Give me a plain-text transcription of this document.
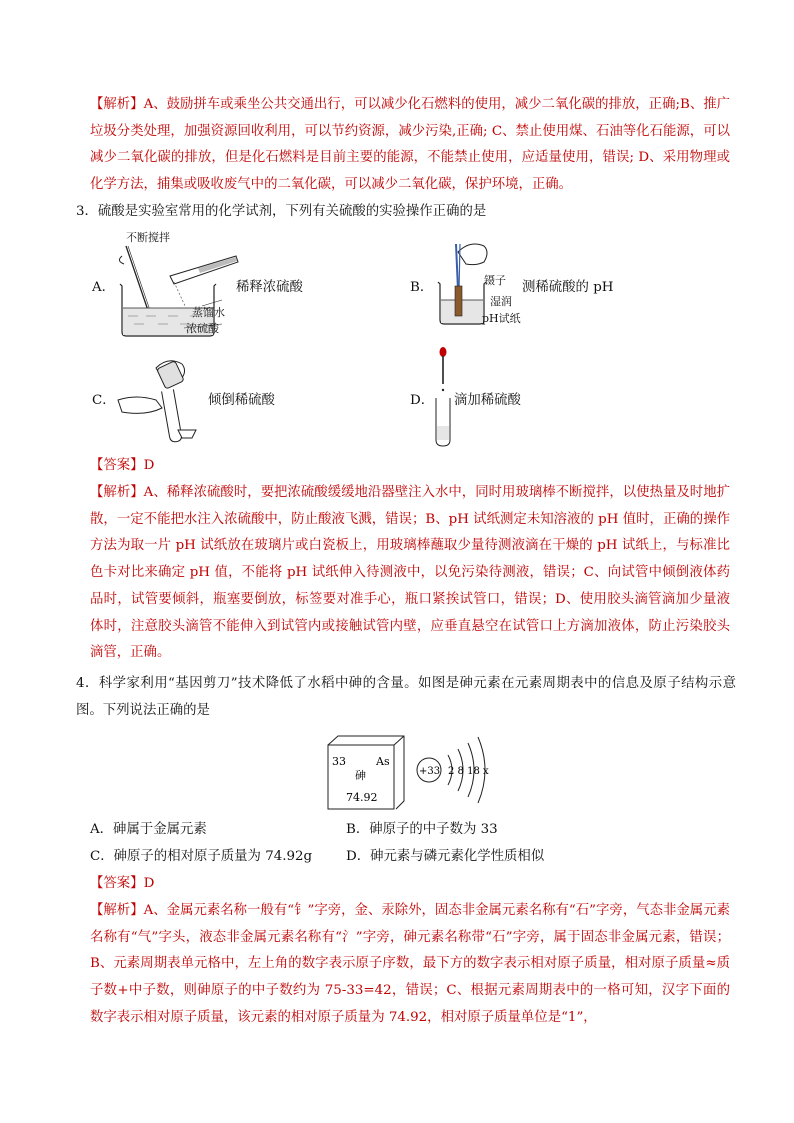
【解析】A、鼓励拼车或乘坐公共交通出行，可以减少化石燃料的使用，减少二氧化碳的排放，正确;B、推广垃圾分类处理，加强资源回收利用，可以节约资源，减少污染,正确; C、禁止使用煤、石油等化石能源，可以减少二氧化碳的排放，但是化石燃料是目前主要的能源，不能禁止使用，应适量使用，错误; D、采用物理或化学方法，捕集或吸收废气中的二氧化碳，可以减少二氧化碳，保护环境，正确。

3．硫酸是实验室常用的化学试剂，下列有关硫酸的实验操作正确的是

A．
不断搅拌
稀释浓硫酸
蒸馏水
浓硫酸
B．	镊子 测稀硫酸的 pH
湿润
pH试纸
C．	倾倒稀硫酸	D． 滴加稀硫酸

【答案】D

【解析】A、稀释浓硫酸时，要把浓硫酸缓缓地沿器壁注入水中，同时用玻璃棒不断搅拌，以使热量及时地扩散，一定不能把水注入浓硫酸中，防止酸液飞溅，错误；B、pH 试纸测定未知溶液的 pH 值时，正确的操作方法为取一片 pH 试纸放在玻璃片或白瓷板上，用玻璃棒蘸取少量待测液滴在干燥的 pH 试纸上，与标准比色卡对比来确定 pH 值，不能将 pH 试纸伸入待测液中，以免污染待测液，错误；C、向试管中倾倒液体药品时，试管要倾斜，瓶塞要倒放，标签要对准手心，瓶口紧挨试管口，错误；D、使用胶头滴管滴加少量液体时，注意胶头滴管不能伸入到试管内或接触试管内壁，应垂直悬空在试管口上方滴加液体，防止污染胶头滴管，正确。

4．科学家利用“基因剪刀”技术降低了水稻中砷的含量。如图是砷元素在元素周期表中的信息及原子结构示意图。下列说法正确的是

33	As
砷
74.92
+33 2 8 18 x
A．砷属于金属元素	B．砷原子的中子数为 33
C．砷原子的相对原子质量为 74.92g	D．砷元素与磷元素化学性质相似

【答案】D

【解析】A、金属元素名称一般有“钅”字旁，金、汞除外，固态非金属元素名称有“石”字旁，气态非金属元素名称有“气”字头，液态非金属元素名称有“氵”字旁，砷元素名称带“石”字旁，属于固态非金属元素，错误；B、元素周期表单元格中，左上角的数字表示原子序数，最下方的数字表示相对原子质量，相对原子质量≈质子数+中子数，则砷原子的中子数约为 75-33=42，错误；C、根据元素周期表中的一格可知，汉字下面的数字表示相对原子质量，该元素的相对原子质量为 74.92，相对原子质量单位是“1”，
